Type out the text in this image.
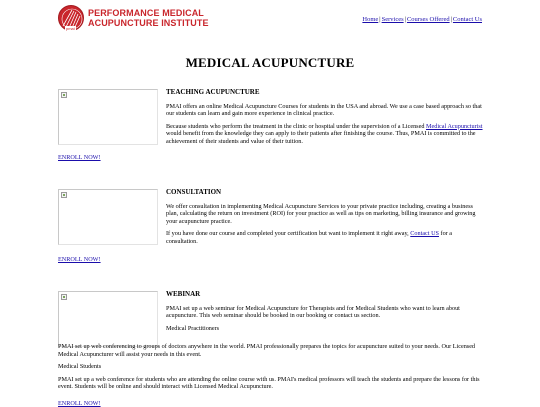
pmai
PERFORMANCE MEDICAL
ACUPUNCTURE INSTITUTE	Home|Services|Courses Offered|Contact Us
MEDICAL ACUPUNCTURE
TEACHING ACUPUNCTURE

PMAI offers an online Medical Acupuncture Courses for students in the USA and abroad. We use a case based approach so that our students can learn and gain more experience in clinical practice.

Because students who perform the treatment in the clinic or hospital under the supervision of a Licensed Medical Acupuncturist would benefit from the knowledge they can apply to their patients after finishing the course. Thus, PMAI is committed to the achievement of their students and value of their tuition.

ENROLL NOW!
CONSULTATION

We offer consultation in implementing Medical Acupuncture Services to your private practice including, creating a business plan, calculating the return on investment (ROI) for your practice as well as tips on marketing, billing insurance and growing your acupuncture practice.

If you have done our course and completed your certification but want to implement it right away, Contact US for a consultation.

ENROLL NOW!
WEBINAR

PMAI set up a web seminar for Medical Acupuncture for Therapists and for Medical Students who want to learn about acupuncture. This web seminar should be booked in our booking or contact us section.

Medical Practitioners

PMAI set up web conferencing to groups of doctors anywhere in the world. PMAI professionally prepares the topics for acupuncture suited to your needs. Our Licensed Medical Acupuncturer will assist your needs in this event.

Medical Students

PMAI set up a web conference for students who are attending the online course with us. PMAI's medical professors will teach the students and prepare the lessons for this event. Students will be online and should interact with Licensed Medical Acupuncture.

ENROLL NOW!
